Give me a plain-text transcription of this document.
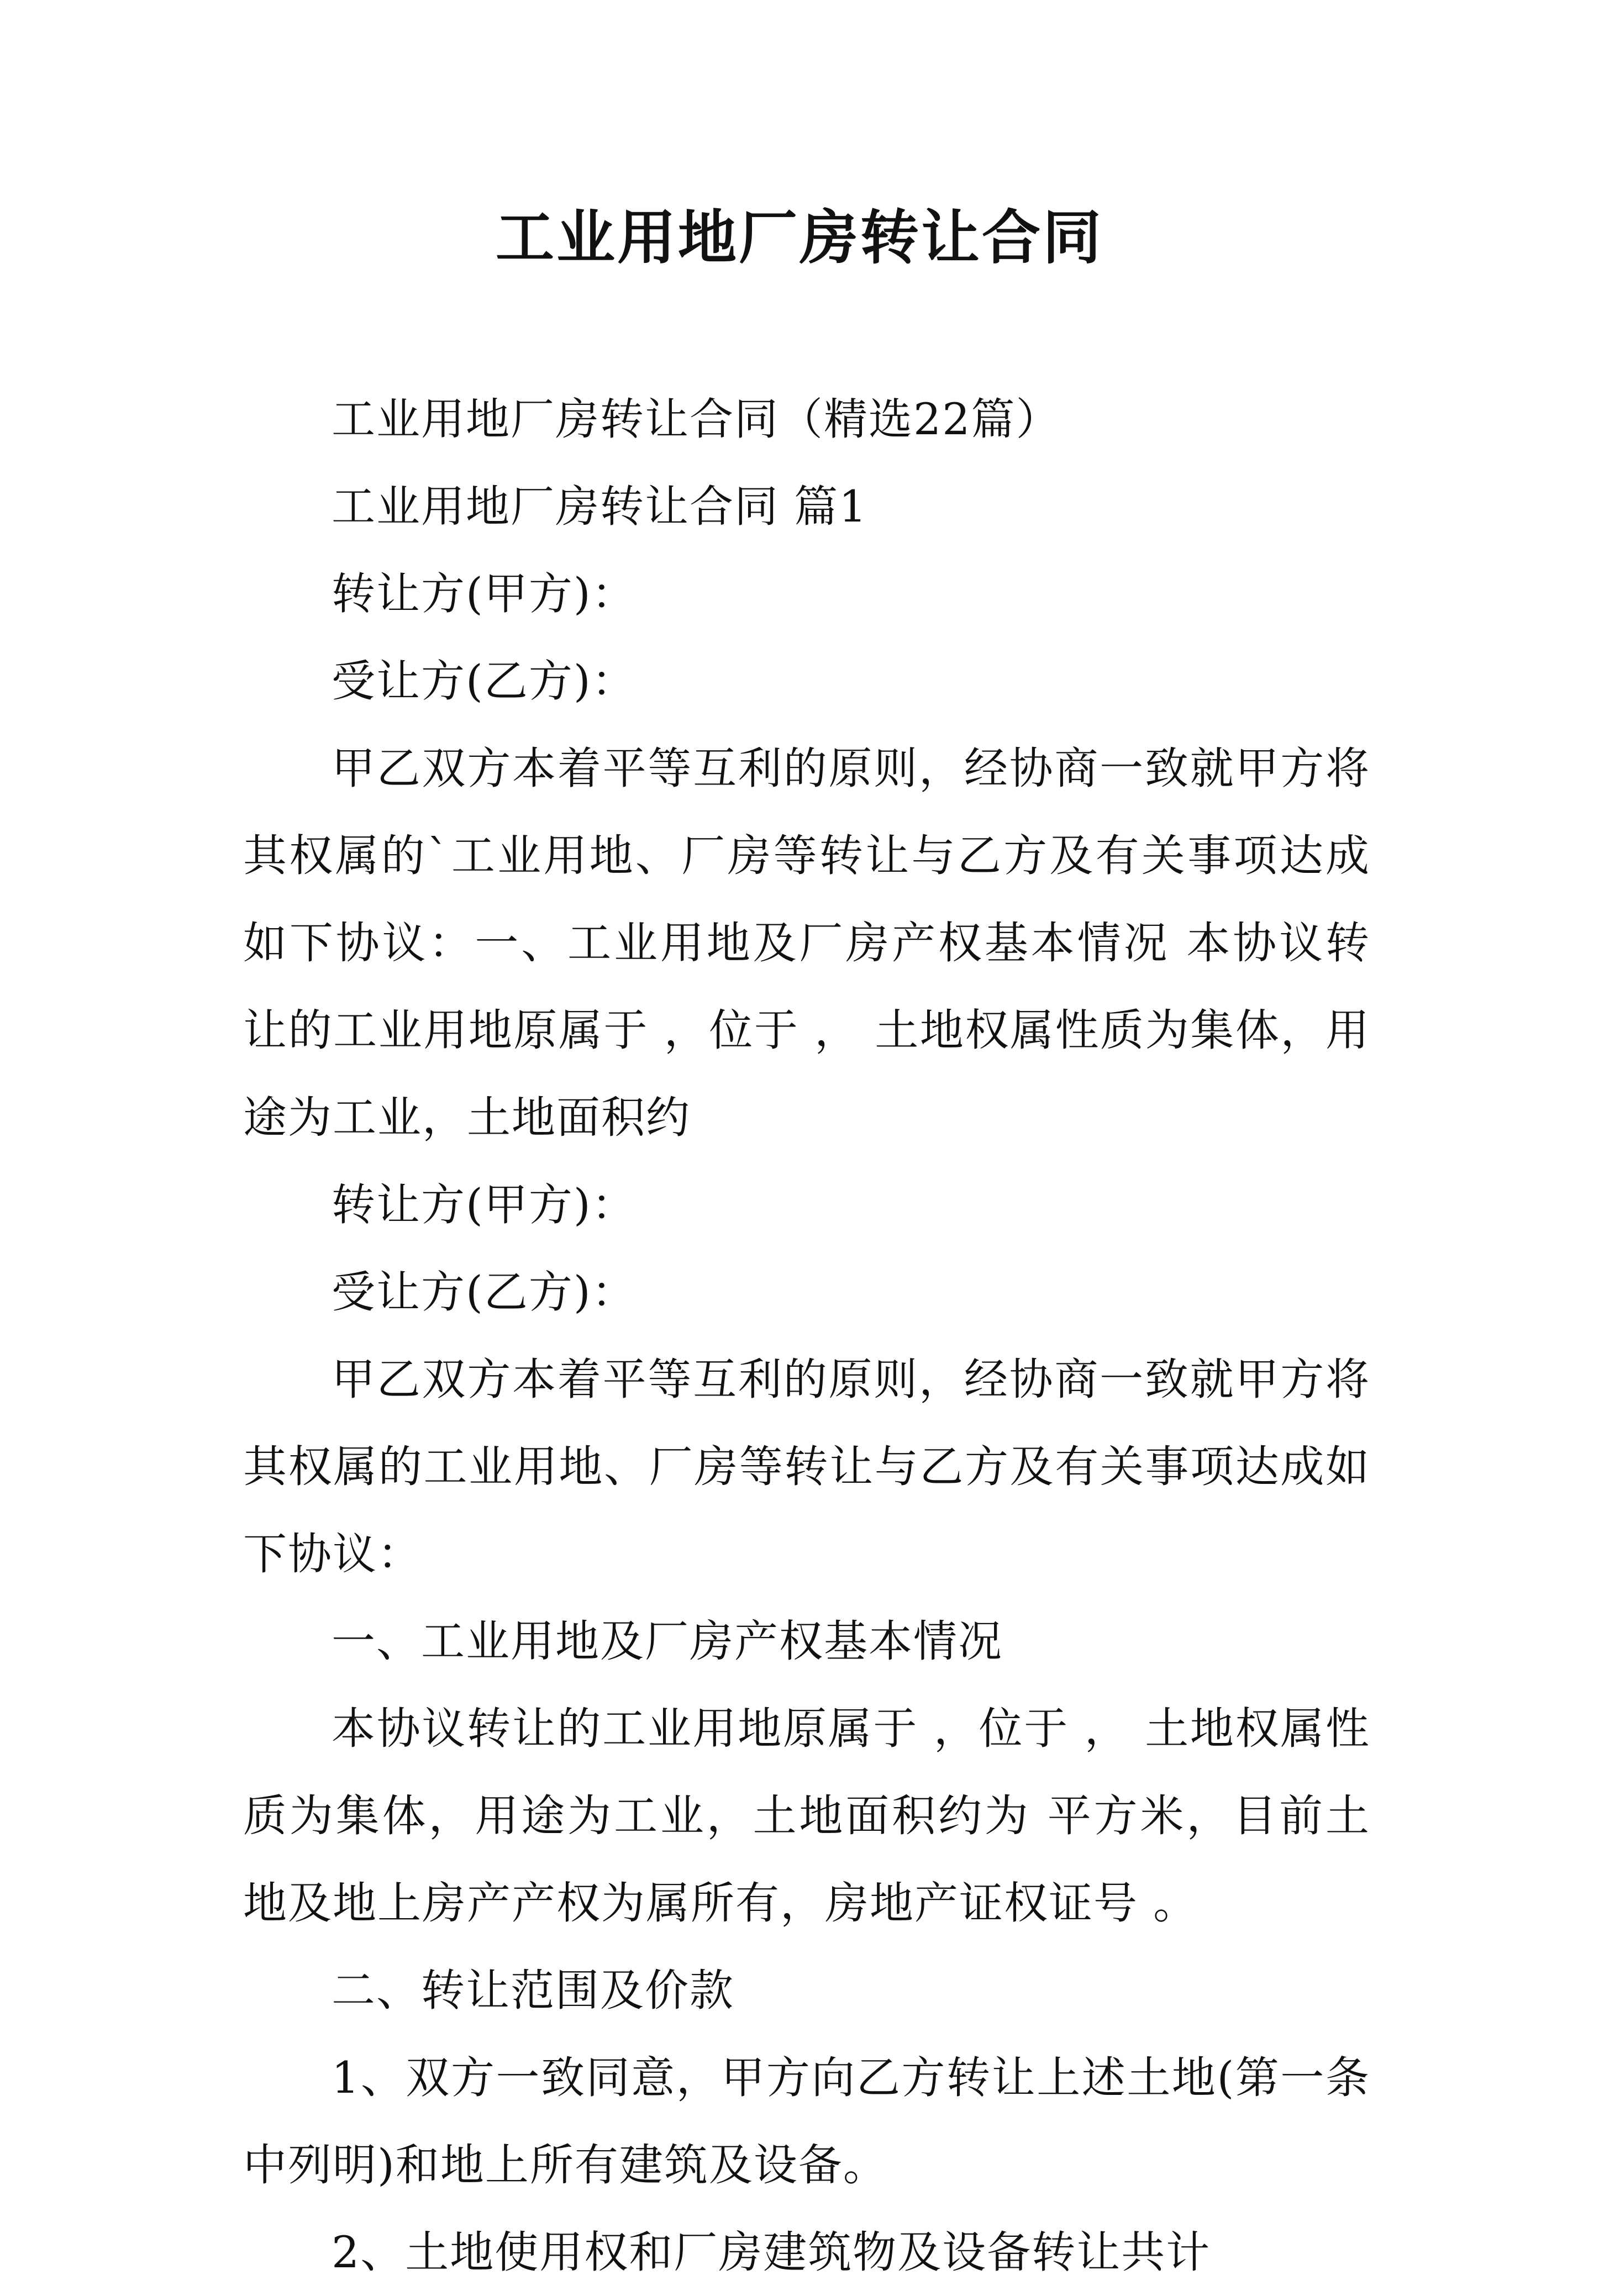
工业用地厂房转让合同

工业用地厂房转让合同（精选22篇）

工业用地厂房转让合同 篇1

转让方(甲方)：

受让方(乙方)：

甲乙双方本着平等互利的原则，经协商一致就甲方将其权属的`工业用地、厂房等转让与乙方及有关事项达成如下协议：一、工业用地及厂房产权基本情况 本协议转让的工业用地原属于 ，位于 ， 土地权属性质为集体，用途为工业，土地面积约

转让方(甲方)：

受让方(乙方)：

甲乙双方本着平等互利的原则，经协商一致就甲方将其权属的工业用地、厂房等转让与乙方及有关事项达成如下协议：

一、工业用地及厂房产权基本情况

本协议转让的工业用地原属于 ，位于 ， 土地权属性质为集体，用途为工业，土地面积约为 平方米，目前土地及地上房产产权为属所有，房地产证权证号 。

二、转让范围及价款

1、双方一致同意，甲方向乙方转让上述土地(第一条中列明)和地上所有建筑及设备。

2、土地使用权和厂房建筑物及设备转让共计
